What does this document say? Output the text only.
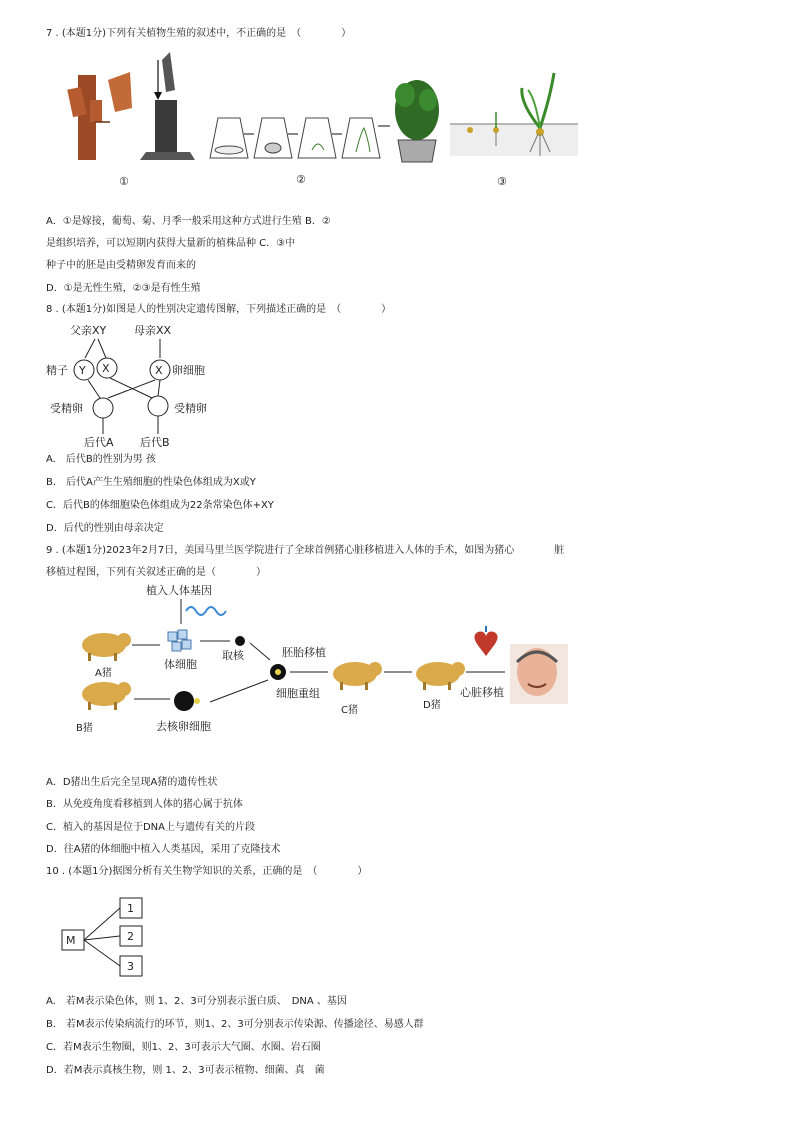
7 . (本题1分)下列有关植物生殖的叙述中，不正确的是　（　　　　）
①	②	③
A．①是嫁接，葡萄、菊、月季一般采用这种方式进行生殖 B．②
是组织培养，可以短期内获得大量新的植株品种 C．③中
种子中的胚是由受精卵发育而来的
D．①是无性生殖，②③是有性生殖
8 . (本题1分)如图是人的性别决定遗传图解，下列描述正确的是　（　　　　）
父亲XY	母亲XX
精子	卵细胞
Y X	X
受精卵	受精卵
后代A 后代B
A.　后代B的性别为男 孩
B.　后代A产生生殖细胞的性染色体组成为X或Y
C．后代B的体细胞染色体组成为22条常染色体+XY
D．后代的性别由母亲决定
9 . (本题1分)2023年2月7日，美国马里兰医学院进行了全球首例猪心脏移植进入人体的手术，如图为猪心　　　　脏
移植过程图，下列有关叙述正确的是（　　　　）
植入人体基因
A猪
B猪
体细胞
取核
去核卵细胞
胚胎移植
细胞重组
C猪	D猪
心脏移植
A．D猪出生后完全呈现A猪的遗传性状
B．从免疫角度看移植到人体的猪心属于抗体
C．植入的基因是位于DNA上与遗传有关的片段
D．往A猪的体细胞中植入人类基因，采用了克隆技术
10 . (本题1分)据图分析有关生物学知识的关系，正确的是　（　　　　）
M
1
2
3
A.　若M表示染色体，则 1、2、3可分别表示蛋白质、　DNA 、基因
B.　若M表示传染病流行的环节，则1、2、3可分别表示传染源、传播途径、易感人群
C．若M表示生物圈，则1、2、3可表示大气圈、水圈、岩石圈
D．若M表示真核生物，则 1、2、3可表示植物、细菌、真　菌
